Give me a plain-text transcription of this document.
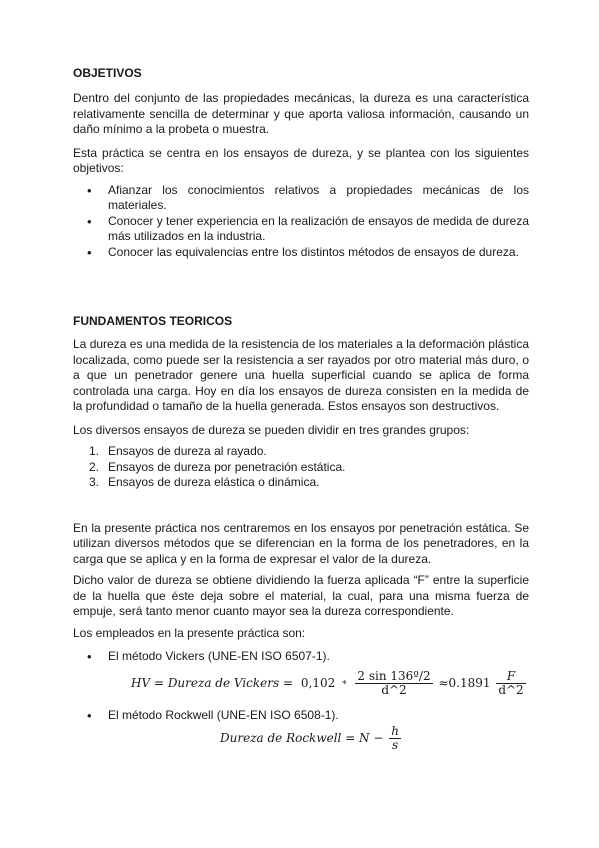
OBJETIVOS

Dentro del conjunto de las propiedades mecánicas, la dureza es una característica relativamente sencilla de determinar y que aporta valiosa información, causando un daño mínimo a la probeta o muestra.

Esta práctica se centra en los ensayos de dureza, y se plantea con los siguientes objetivos:

• Afianzar los conocimientos relativos a propiedades mecánicas de los materiales.
• Conocer y tener experiencia en la realización de ensayos de medida de dureza más utilizados en la industria.
• Conocer las equivalencias entre los distintos métodos de ensayos de dureza.
FUNDAMENTOS TEORICOS

La dureza es una medida de la resistencia de los materiales a la deformación plástica localizada, como puede ser la resistencia a ser rayados por otro material más duro, o a que un penetrador genere una huella superficial cuando se aplica de forma controlada una carga. Hoy en día los ensayos de dureza consisten en la medida de la profundidad o tamaño de la huella generada. Estos ensayos son destructivos.

Los diversos ensayos de dureza se pueden dividir en tres grandes grupos:

1. Ensayos de dureza al rayado.
2. Ensayos de dureza por penetración estática.
3. Ensayos de dureza elástica o dinámica.

En la presente práctica nos centraremos en los ensayos por penetración estática. Se utilizan diversos métodos que se diferencian en la forma de los penetradores, en la carga que se aplica y en la forma de expresar el valor de la dureza.

Dicho valor de dureza se obtiene dividiendo la fuerza aplicada “F” entre la superficie de la huella que éste deja sobre el material, la cual, para una misma fuerza de empuje, será tanto menor cuanto mayor sea la dureza correspondiente.

Los empleados en la presente práctica son:

• El método Vickers (UNE-EN ISO 6507-1).
HV = Dureza de Vickers = $0,102 * \frac{\text{2 sin 136º/2}}{d\^{}2} \approx 0.1891 \frac{F}{d\^{}2}$
• El método Rockwell (UNE-EN ISO 6508-1).
Dureza de Rockwell = $N - \frac{h}{s}$
